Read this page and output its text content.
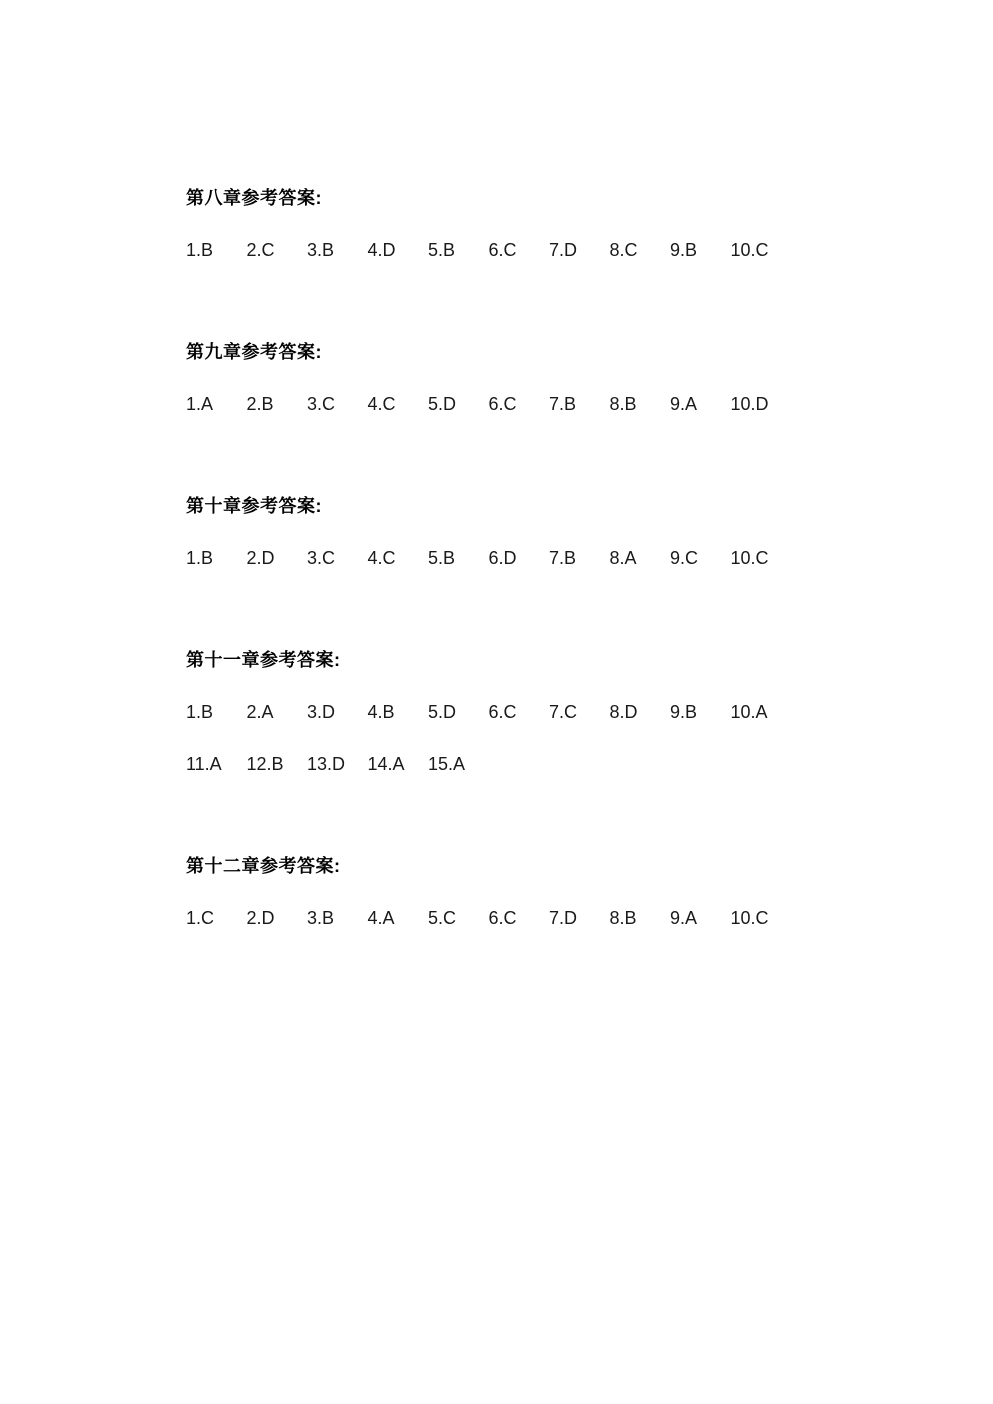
第八章参考答案:

1.B	2.C	3.B	4.D	5.B	6.C	7.D	8.C	9.B	10.C

第九章参考答案:

1.A	2.B	3.C	4.C	5.D	6.C	7.B	8.B	9.A	10.D

第十章参考答案:

1.B	2.D	3.C	4.C	5.B	6.D	7.B	8.A	9.C	10.C

第十一章参考答案:

1.B	2.A	3.D	4.B	5.D	6.C	7.C	8.D	9.B	10.A

11.A	12.B	13.D	14.A	15.A

第十二章参考答案:

1.C	2.D	3.B	4.A	5.C	6.C	7.D	8.B	9.A	10.C
